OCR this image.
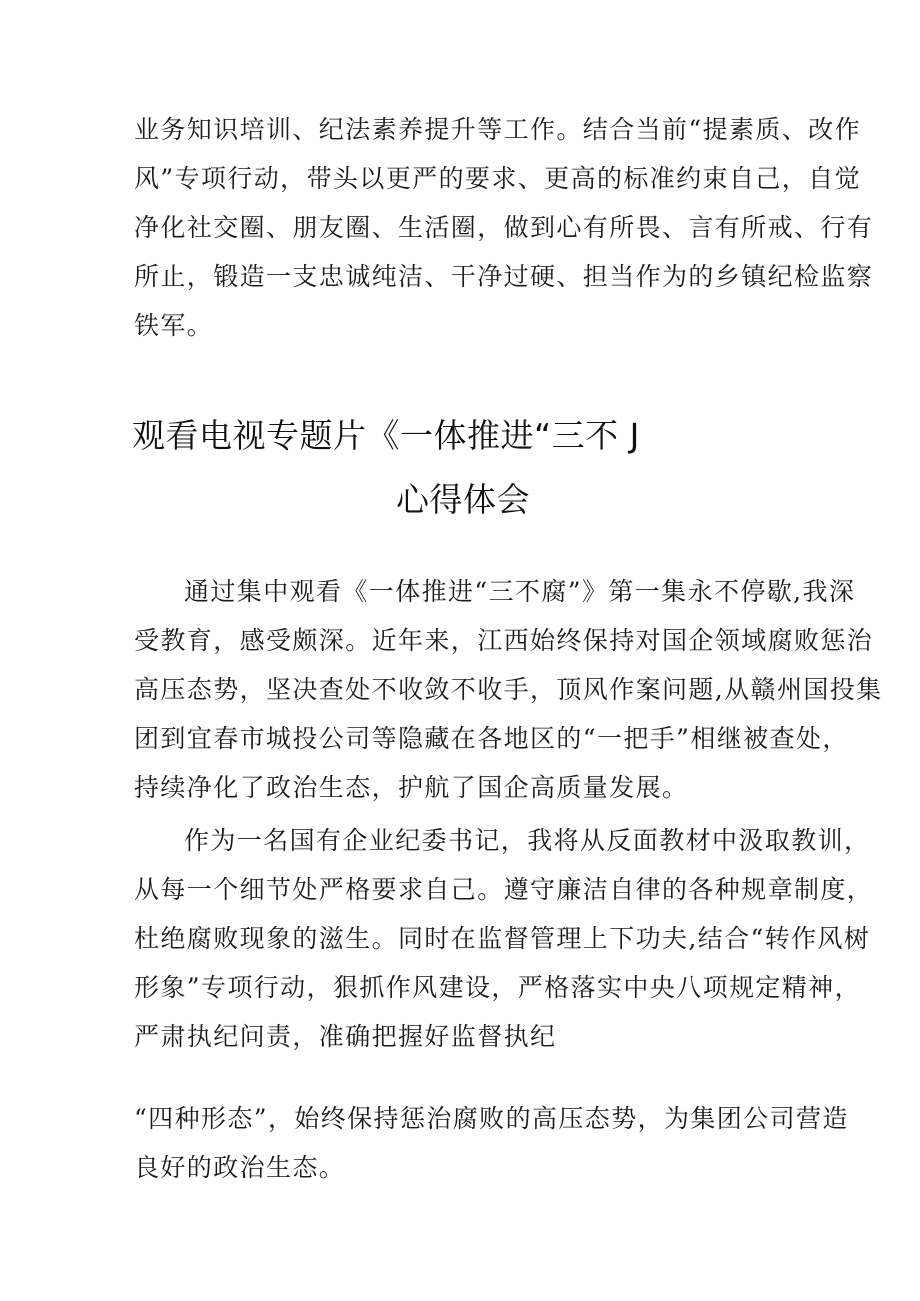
业务知识培训、纪法素养提升等工作。结合当前“提素质、改作
风”专项行动，带头以更严的要求、更高的标准约束自己，自觉
净化社交圈、朋友圈、生活圈，做到心有所畏、言有所戒、行有
所止，锻造一支忠诚纯洁、干净过硬、担当作为的乡镇纪检监察
铁军。
观看电视专题片《一体推进“三不 J
心得体会
通过集中观看《一体推进“三不腐”》第一集永不停歇,我深
受教育，感受颇深。近年来，江西始终保持对国企领域腐败惩治
高压态势，坚决查处不收敛不收手，顶风作案问题,从赣州国投集
团到宜春市城投公司等隐藏在各地区的“一把手”相继被查处，
持续净化了政治生态，护航了国企高质量发展。
作为一名国有企业纪委书记，我将从反面教材中汲取教训，
从每一个细节处严格要求自己。遵守廉洁自律的各种规章制度，
杜绝腐败现象的滋生。同时在监督管理上下功夫,结合“转作风树
形象”专项行动，狠抓作风建设，严格落实中央八项规定精神，
严肃执纪问责，准确把握好监督执纪
“四种形态”，始终保持惩治腐败的高压态势，为集团公司营造
良好的政治生态。
